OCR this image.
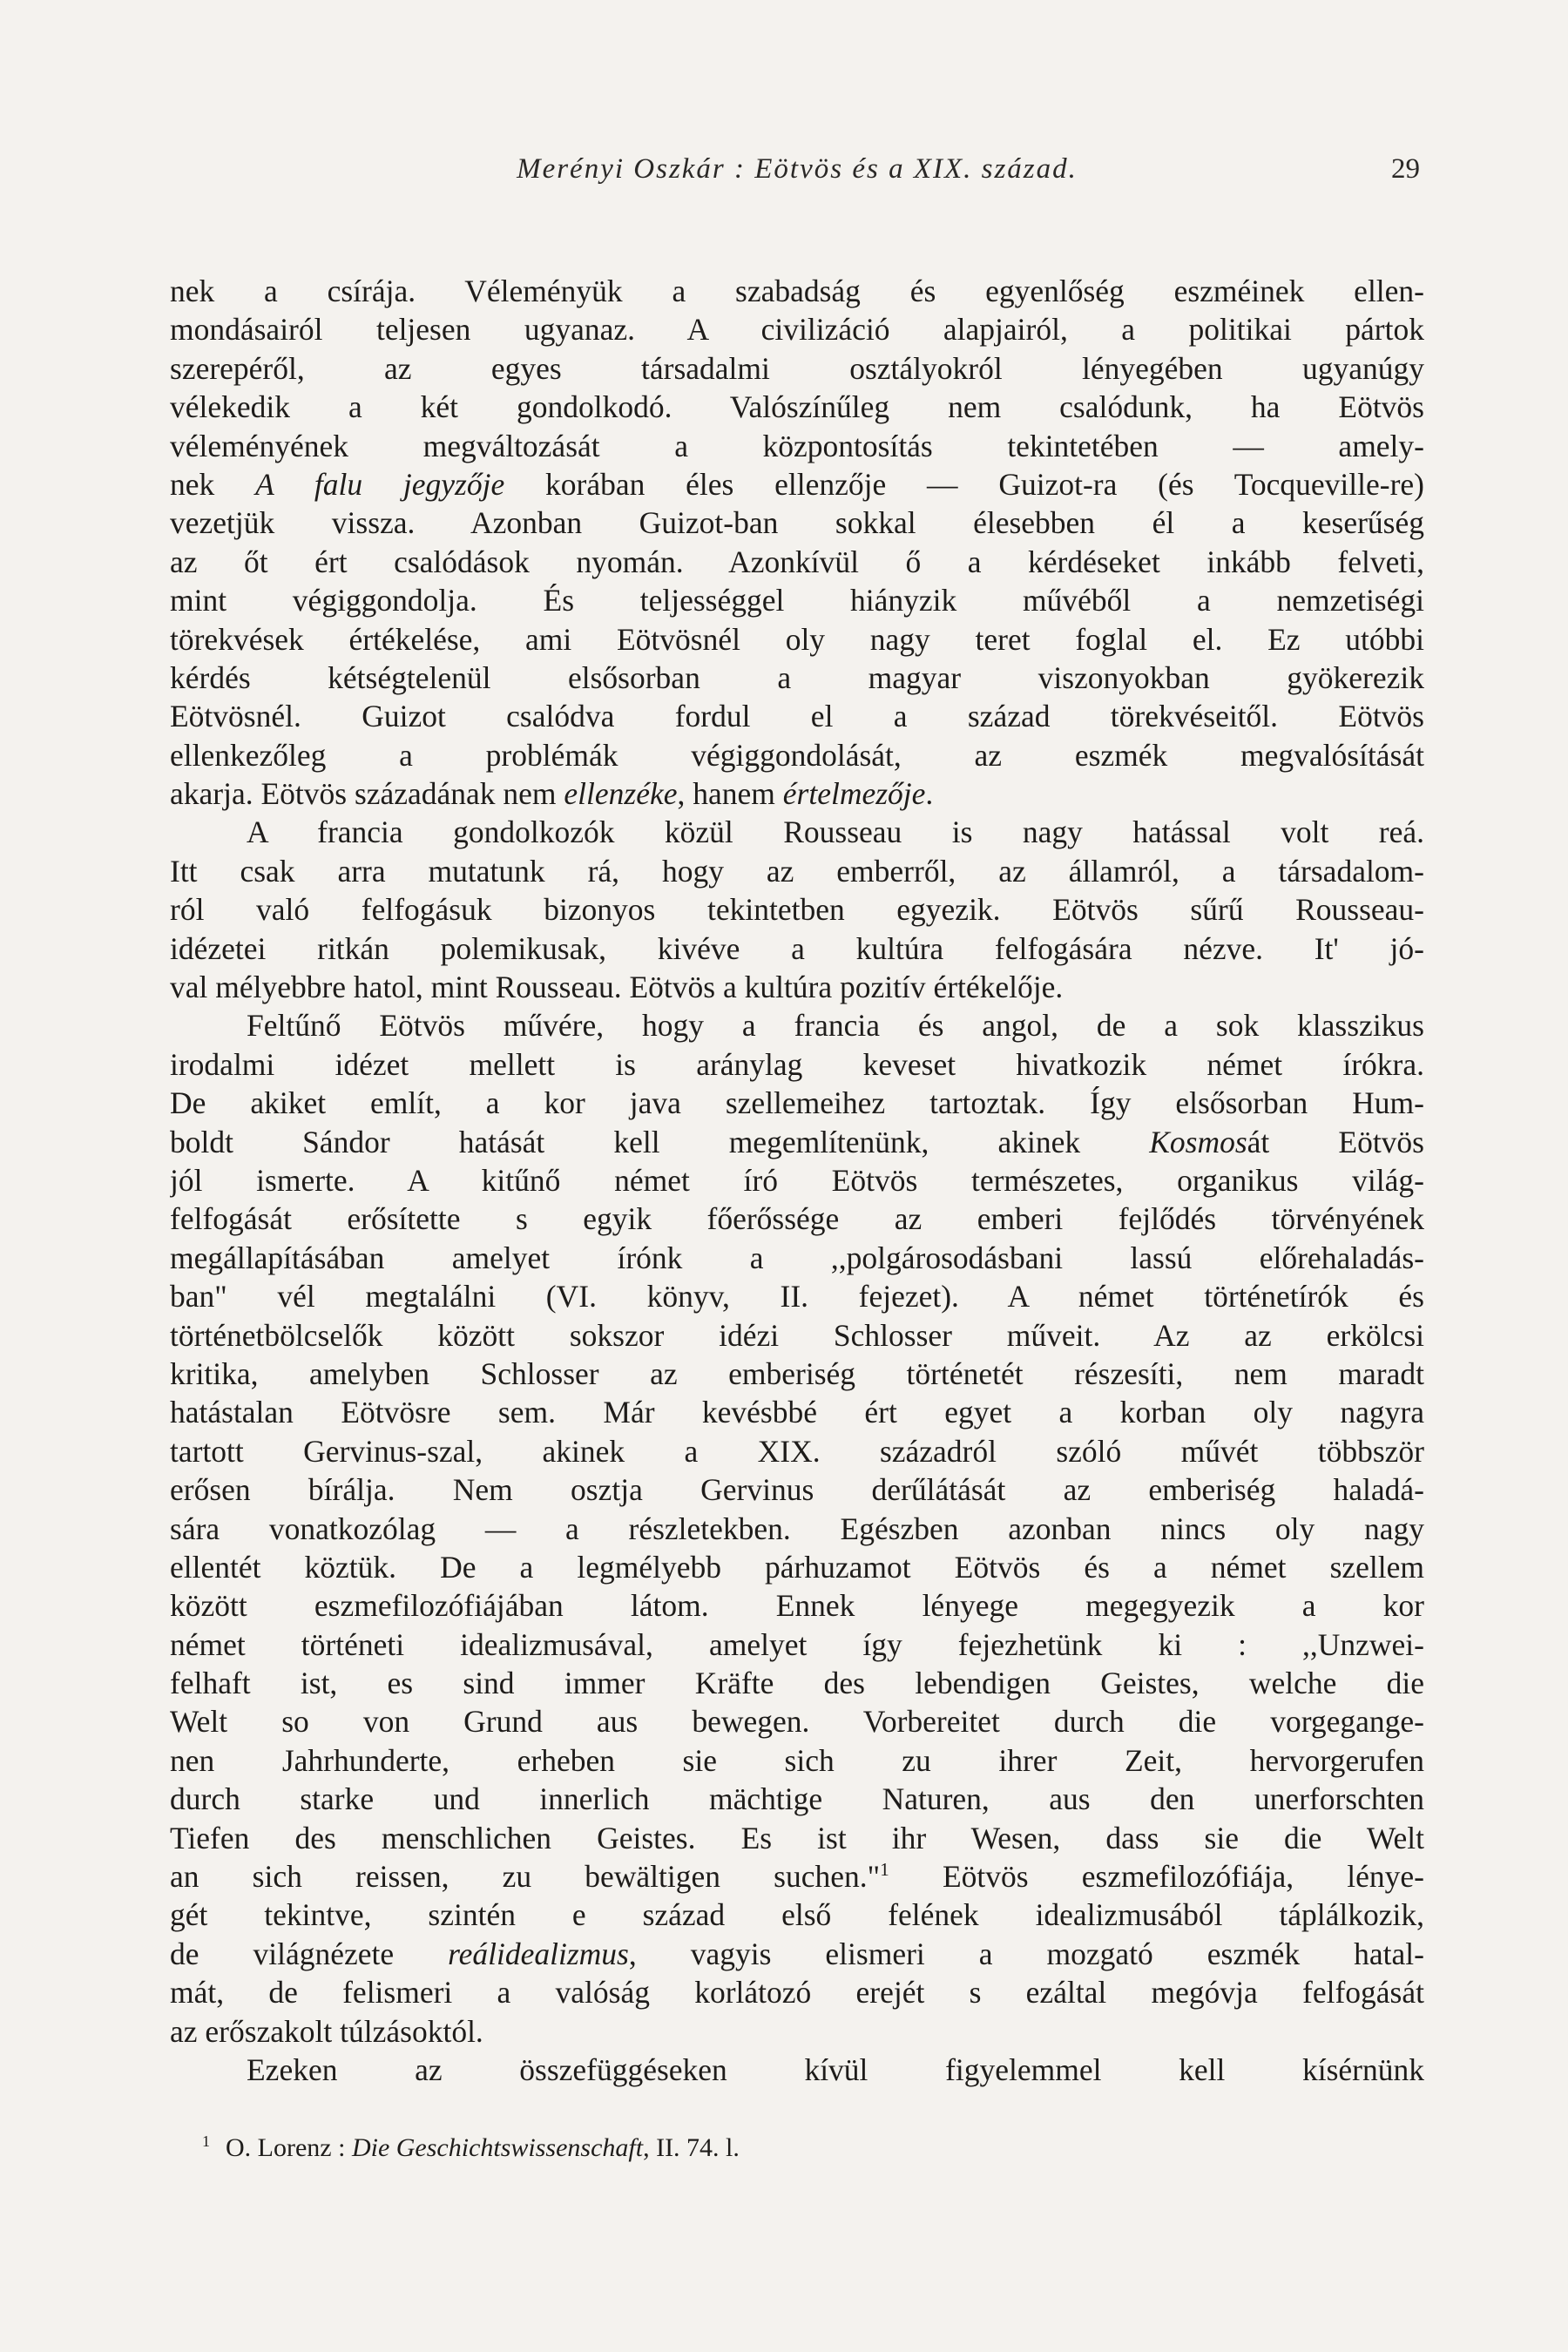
Merényi Oszkár : Eötvös és a XIX. század.	29
nek a csírája. Véleményük a szabadság és egyenlőség eszméinek ellen-
mondásairól teljesen ugyanaz. A civilizáció alapjairól, a politikai pártok
szerepéről, az egyes társadalmi osztályokról lényegében ugyanúgy
vélekedik a két gondolkodó. Valószínűleg nem csalódunk, ha Eötvös
véleményének megváltozását a központosítás tekintetében — amely-
nek A falu jegyzője korában éles ellenzője — Guizot-ra (és Tocqueville-re)
vezetjük vissza. Azonban Guizot-ban sokkal élesebben él a keserűség
az őt ért csalódások nyomán. Azonkívül ő a kérdéseket inkább felveti,
mint végiggondolja. És teljességgel hiányzik művéből a nemzetiségi
törekvések értékelése, ami Eötvösnél oly nagy teret foglal el. Ez utóbbi
kérdés kétségtelenül elsősorban a magyar viszonyokban gyökerezik
Eötvösnél. Guizot csalódva fordul el a század törekvéseitől. Eötvös
ellenkezőleg a problémák végiggondolását, az eszmék megvalósítását
akarja. Eötvös századának nem ellenzéke, hanem értelmezője.
A francia gondolkozók közül Rousseau is nagy hatással volt reá.
Itt csak arra mutatunk rá, hogy az emberről, az államról, a társadalom-
ról való felfogásuk bizonyos tekintetben egyezik. Eötvös sűrű Rousseau-
idézetei ritkán polemikusak, kivéve a kultúra felfogására nézve. It' jó-
val mélyebbre hatol, mint Rousseau. Eötvös a kultúra pozitív értékelője.
Feltűnő Eötvös művére, hogy a francia és angol, de a sok klasszikus
irodalmi idézet mellett is aránylag keveset hivatkozik német írókra.
De akiket említ, a kor java szellemeihez tartoztak. Így elsősorban Hum-
boldt Sándor hatását kell megemlítenünk, akinek Kosmosát Eötvös
jól ismerte. A kitűnő német író Eötvös természetes, organikus világ-
felfogását erősítette s egyik főerőssége az emberi fejlődés törvényének
megállapításában amelyet írónk a ,,polgárosodásbani lassú előrehaladás-
ban" vél megtalálni (VI. könyv, II. fejezet). A német történetírók és
történetbölcselők között sokszor idézi Schlosser műveit. Az az erkölcsi
kritika, amelyben Schlosser az emberiség történetét részesíti, nem maradt
hatástalan Eötvösre sem. Már kevésbbé ért egyet a korban oly nagyra
tartott Gervinus-szal, akinek a XIX. századról szóló művét többször
erősen bírálja. Nem osztja Gervinus derűlátását az emberiség haladá-
sára vonatkozólag — a részletekben. Egészben azonban nincs oly nagy
ellentét köztük. De a legmélyebb párhuzamot Eötvös és a német szellem
között eszmefilozófiájában látom. Ennek lényege megegyezik a kor
német történeti idealizmusával, amelyet így fejezhetünk ki : ,,Unzwei-
felhaft ist, es sind immer Kräfte des lebendigen Geistes, welche die
Welt so von Grund aus bewegen. Vorbereitet durch die vorgegange-
nen Jahrhunderte, erheben sie sich zu ihrer Zeit, hervorgerufen
durch starke und innerlich mächtige Naturen, aus den unerforschten
Tiefen des menschlichen Geistes. Es ist ihr Wesen, dass sie die Welt
an sich reissen, zu bewältigen suchen."$^1$ Eötvös eszmefilozófiája, lénye-
gét tekintve, szintén e század első felének idealizmusából táplálkozik,
de világnézete reálidealizmus, vagyis elismeri a mozgató eszmék hatal-
mát, de felismeri a valóság korlátozó erejét s ezáltal megóvja felfogását
az erőszakolt túlzásoktól.
Ezeken az összefüggéseken kívül figyelemmel kell kísérnünk
$^1$ O. Lorenz : Die Geschichtswissenschaft, II. 74. l.
